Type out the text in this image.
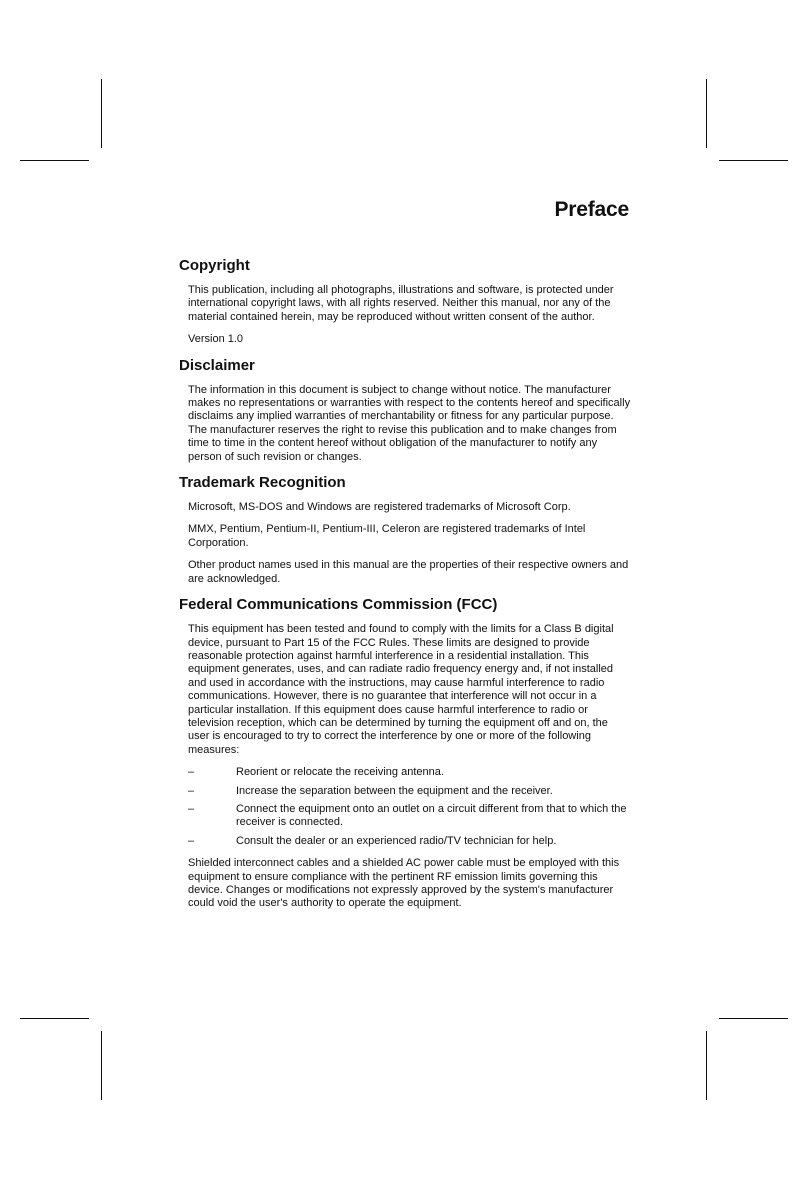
Preface
Copyright

This publication, including all photographs, illustrations and software, is protected under international copyright laws, with all rights reserved. Neither this manual, nor any of the material contained herein, may be reproduced without written consent of the author.

Version 1.0

Disclaimer

The information in this document is subject to change without notice. The manufacturer makes no representations or warranties with respect to the contents hereof and specifically disclaims any implied warranties of merchantability or fitness for any particular purpose. The manufacturer reserves the right to revise this publication and to make changes from time to time in the content hereof without obligation of the manufacturer to notify any person of such revision or changes.

Trademark Recognition

Microsoft, MS-DOS and Windows are registered trademarks of Microsoft Corp.

MMX, Pentium, Pentium-II, Pentium-III, Celeron are registered trademarks of Intel Corporation.

Other product names used in this manual are the properties of their respective owners and are acknowledged.

Federal Communications Commission (FCC)

This equipment has been tested and found to comply with the limits for a Class B digital device, pursuant to Part 15 of the FCC Rules. These limits are designed to provide reasonable protection against harmful interference in a residential installation. This equipment generates, uses, and can radiate radio frequency energy and, if not installed and used in accordance with the instructions, may cause harmful interference to radio communications. However, there is no guarantee that interference will not occur in a particular installation. If this equipment does cause harmful interference to radio or television reception, which can be determined by turning the equipment off and on, the user is encouraged to try to correct the interference by one or more of the following measures:

–	Reorient or relocate the receiving antenna.
–	Increase the separation between the equipment and the receiver.
–	Connect the equipment onto an outlet on a circuit different from that to which the receiver is connected.
–	Consult the dealer or an experienced radio/TV technician for help.

Shielded interconnect cables and a shielded AC power cable must be employed with this equipment to ensure compliance with the pertinent RF emission limits governing this device. Changes or modifications not expressly approved by the system's manufacturer could void the user's authority to operate the equipment.
